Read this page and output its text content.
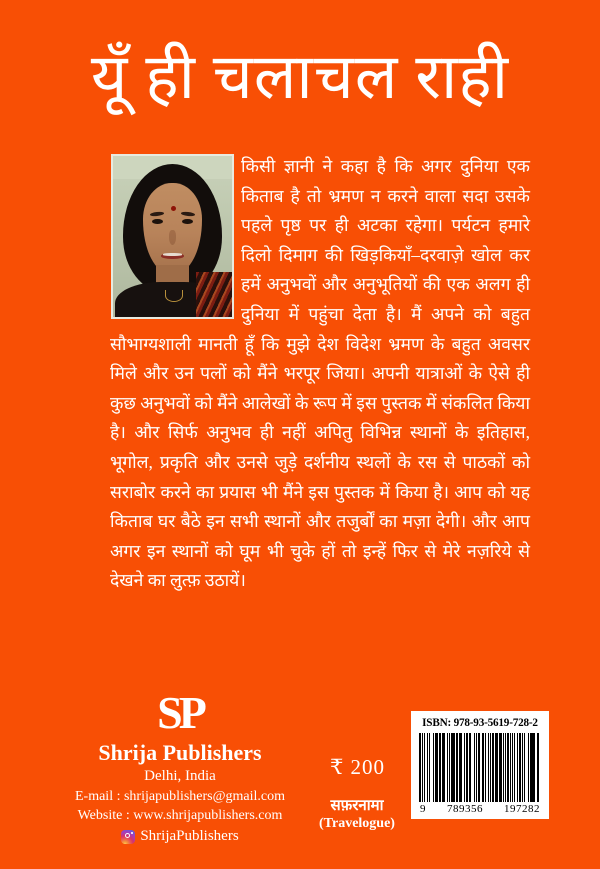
यूँ ही चलाचल राही
किसी ज्ञानी ने कहा है कि अगर दुनिया एक किताब है तो भ्रमण न करने वाला सदा उसके पहले पृष्ठ पर ही अटका रहेगा। पर्यटन हमारे दिलो दिमाग की खिड़कियाँ–दरवाज़े खोल कर हमें अनुभवों और अनुभूतियों की एक अलग ही दुनिया में पहुंचा देता है। मैं अपने को बहुत सौभाग्यशाली मानती हूँ कि मुझे देश विदेश भ्रमण के बहुत अवसर मिले और उन पलों को मैंने भरपूर जिया। अपनी यात्राओं के ऐसे ही कुछ अनुभवों को मैंने आलेखों के रूप में इस पुस्तक में संकलित किया है। और सिर्फ अनुभव ही नहीं अपितु विभिन्न स्थानों के इतिहास, भूगोल, प्रकृति और उनसे जुड़े दर्शनीय स्थलों के रस से पाठकों को सराबोर करने का प्रयास भी मैंने इस पुस्तक में किया है। आप को यह किताब घर बैठे इन सभी स्थानों और तजुर्बों का मज़ा देगी। और आप अगर इन स्थानों को घूम भी चुके हों तो इन्हें फिर से मेरे नज़रिये से देखने का लुत्फ़ उठायें।
SP
Shrija Publishers
Delhi, India
E-mail : shrijapublishers@gmail.com
Website : www.shrijapublishers.com
ShrijaPublishers
₹ 200
सफ़रनामा
(Travelogue)
ISBN: 978-93-5619-728-2
9 789356 197282
